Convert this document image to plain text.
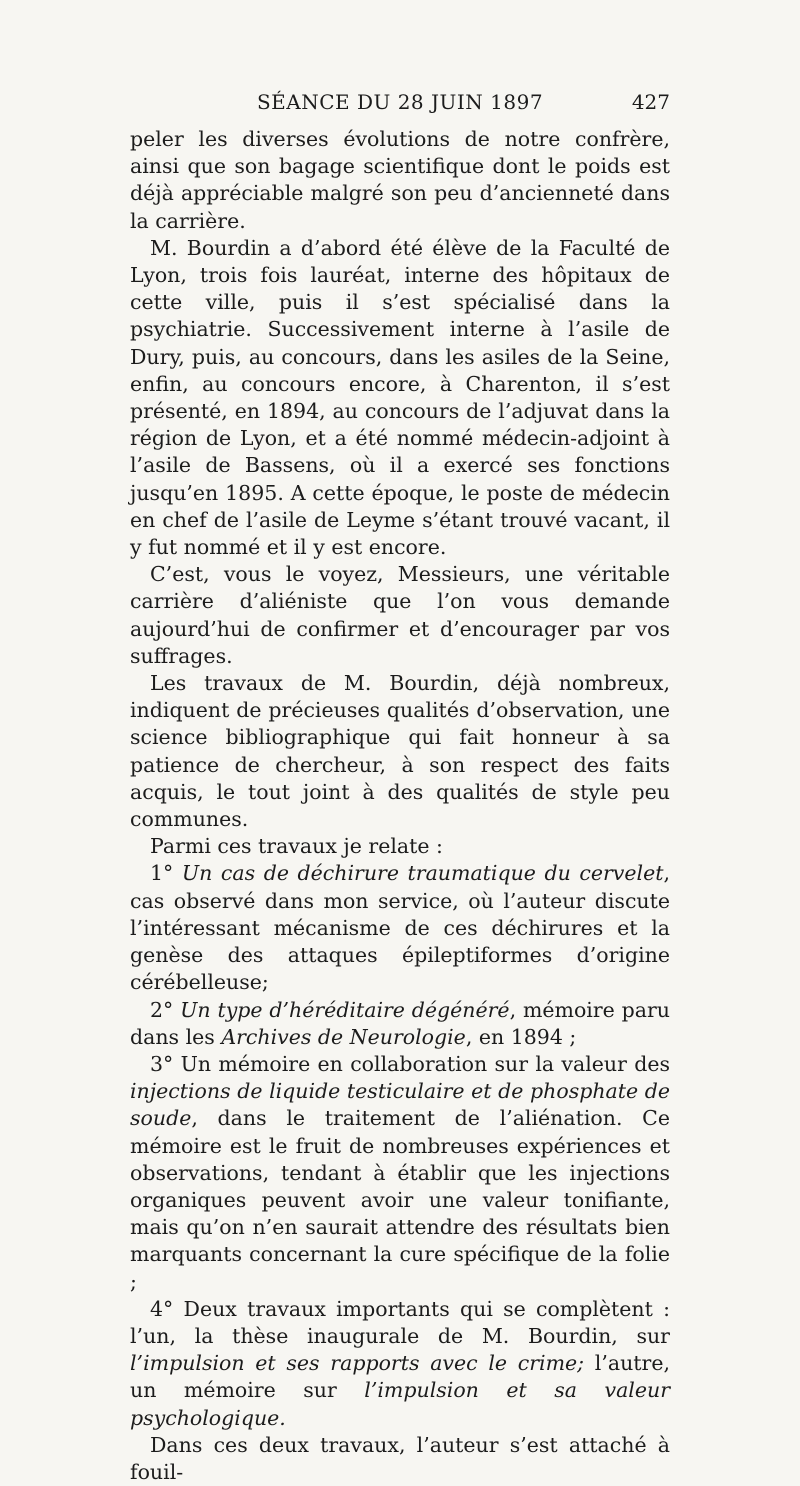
SÉANCE DU 28 JUIN 1897	427

peler les diverses évolutions de notre confrère, ainsi que son bagage scientifique dont le poids est déjà appréciable malgré son peu d’ancienneté dans la carrière.

M. Bourdin a d’abord été élève de la Faculté de Lyon, trois fois lauréat, interne des hôpitaux de cette ville, puis il s’est spécialisé dans la psychiatrie. Successivement interne à l’asile de Dury, puis, au concours, dans les asiles de la Seine, enfin, au concours encore, à Charenton, il s’est présenté, en 1894, au concours de l’adjuvat dans la région de Lyon, et a été nommé médecin-adjoint à l’asile de Bassens, où il a exercé ses fonctions jusqu’en 1895. A cette époque, le poste de médecin en chef de l’asile de Leyme s’étant trouvé vacant, il y fut nommé et il y est encore.

C’est, vous le voyez, Messieurs, une véritable carrière d’aliéniste que l’on vous demande aujourd’hui de confirmer et d’encourager par vos suffrages.

Les travaux de M. Bourdin, déjà nombreux, indiquent de précieuses qualités d’observation, une science bibliographique qui fait honneur à sa patience de chercheur, à son respect des faits acquis, le tout joint à des qualités de style peu communes.

Parmi ces travaux je relate :

1° Un cas de déchirure traumatique du cervelet, cas observé dans mon service, où l’auteur discute l’intéressant mécanisme de ces déchirures et la genèse des attaques épileptiformes d’origine cérébelleuse;

2° Un type d’héréditaire dégénéré, mémoire paru dans les Archives de Neurologie, en 1894 ;

3° Un mémoire en collaboration sur la valeur des injections de liquide testiculaire et de phosphate de soude, dans le traitement de l’aliénation. Ce mémoire est le fruit de nombreuses expériences et observations, tendant à établir que les injections organiques peuvent avoir une valeur tonifiante, mais qu’on n’en saurait attendre des résultats bien marquants concernant la cure spécifique de la folie ;

4° Deux travaux importants qui se complètent : l’un, la thèse inaugurale de M. Bourdin, sur l’impulsion et ses rapports avec le crime; l’autre, un mémoire sur l’impulsion et sa valeur psychologique.

Dans ces deux travaux, l’auteur s’est attaché à fouil-
